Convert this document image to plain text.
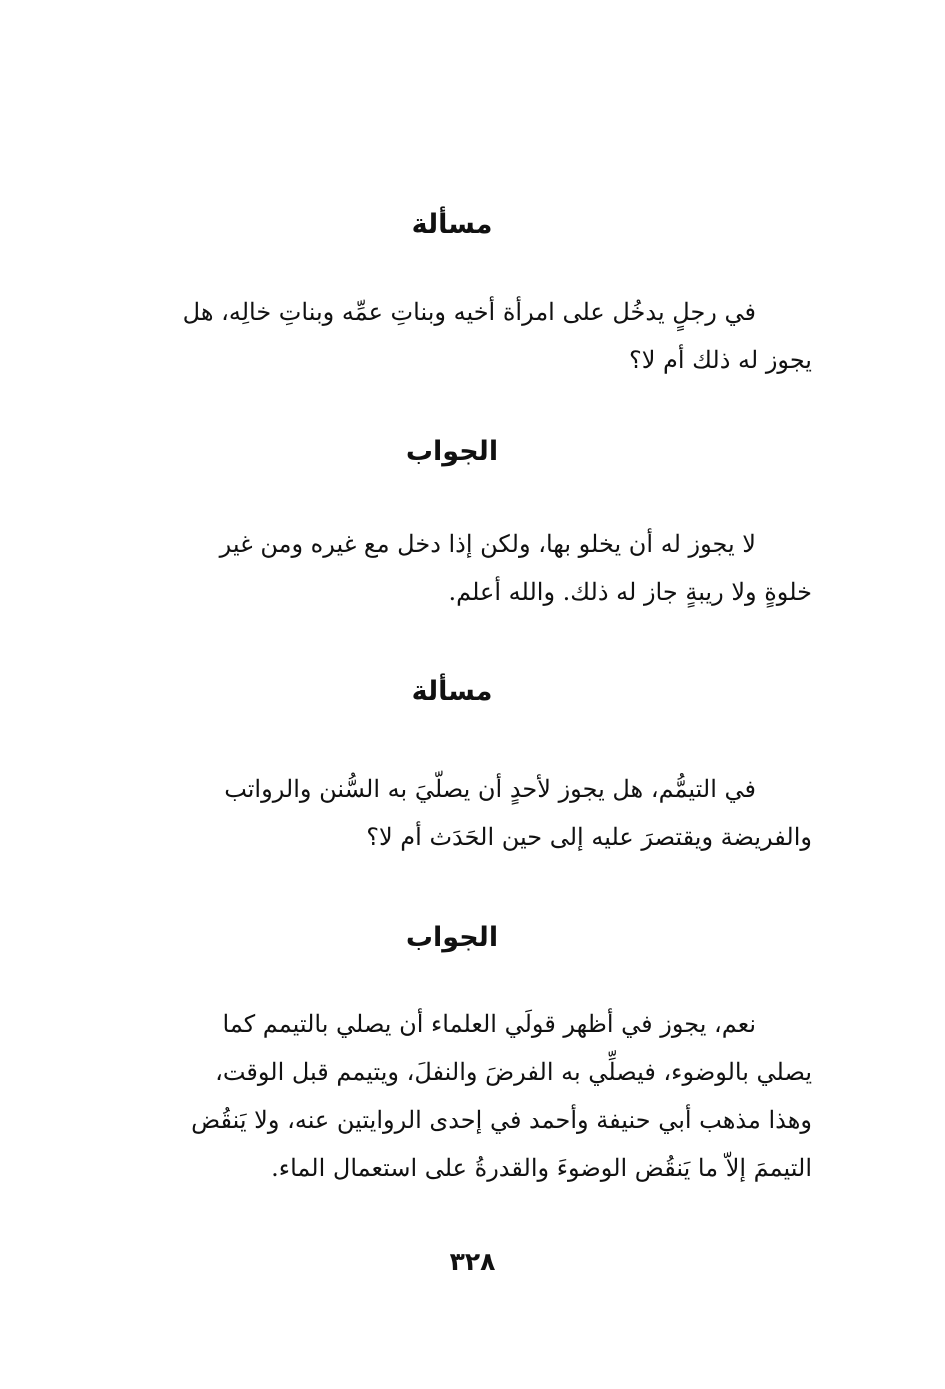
مسألة
في رجلٍ يدخُل على امرأة أخيه وبناتِ عمِّه وبناتِ خالِه، هل
يجوز له ذلك أم لا؟
الجواب
لا يجوز له أن يخلو بها، ولكن إذا دخل مع غيره ومن غير
خلوةٍ ولا ريبةٍ جاز له ذلك. والله أعلم.
مسألة
في التيمُّم، هل يجوز لأحدٍ أن يصلّيَ به السُّنن والرواتب
والفريضة ويقتصرَ عليه إلى حين الحَدَث أم لا؟
الجواب
نعم، يجوز في أظهر قولَي العلماء أن يصلي بالتيمم كما
يصلي بالوضوء، فيصلِّي به الفرضَ والنفلَ، ويتيمم قبل الوقت،
وهذا مذهب أبي حنيفة وأحمد في إحدى الروايتين عنه، ولا يَنقُض
التيممَ إلاّ ما يَنقُض الوضوءَ والقدرةُ على استعمال الماء.
٣٢٨
